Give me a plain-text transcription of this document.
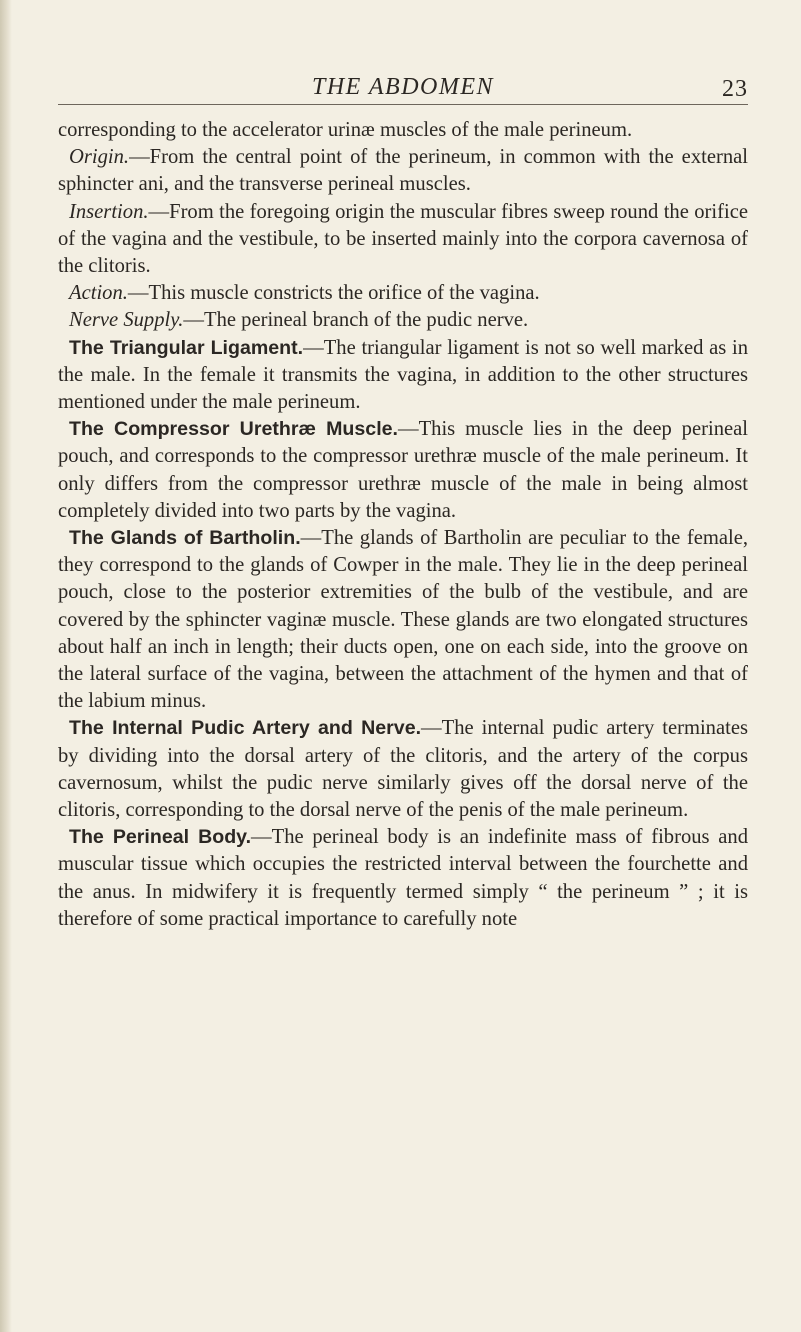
THE ABDOMEN	23

corresponding to the accelerator urinæ muscles of the male perineum.

Origin.—From the central point of the perineum, in common with the external sphincter ani, and the transverse perineal muscles.

Insertion.—From the foregoing origin the muscular fibres sweep round the orifice of the vagina and the vestibule, to be inserted mainly into the corpora cavernosa of the clitoris.

Action.—This muscle constricts the orifice of the vagina.

Nerve Supply.—The perineal branch of the pudic nerve.

The Triangular Ligament.—The triangular ligament is not so well marked as in the male. In the female it transmits the vagina, in addition to the other structures mentioned under the male perineum.

The Compressor Urethræ Muscle.—This muscle lies in the deep perineal pouch, and corresponds to the compressor urethræ muscle of the male perineum. It only differs from the compressor urethræ muscle of the male in being almost completely divided into two parts by the vagina.

The Glands of Bartholin.—The glands of Bartholin are peculiar to the female, they correspond to the glands of Cowper in the male. They lie in the deep perineal pouch, close to the posterior extremities of the bulb of the vestibule, and are covered by the sphincter vaginæ muscle. These glands are two elongated structures about half an inch in length; their ducts open, one on each side, into the groove on the lateral surface of the vagina, between the attachment of the hymen and that of the labium minus.

The Internal Pudic Artery and Nerve.—The internal pudic artery terminates by dividing into the dorsal artery of the clitoris, and the artery of the corpus cavernosum, whilst the pudic nerve similarly gives off the dorsal nerve of the clitoris, corresponding to the dorsal nerve of the penis of the male perineum.

The Perineal Body.—The perineal body is an indefinite mass of fibrous and muscular tissue which occupies the restricted interval between the fourchette and the anus. In midwifery it is frequently termed simply “ the perineum ” ; it is therefore of some practical importance to carefully note
